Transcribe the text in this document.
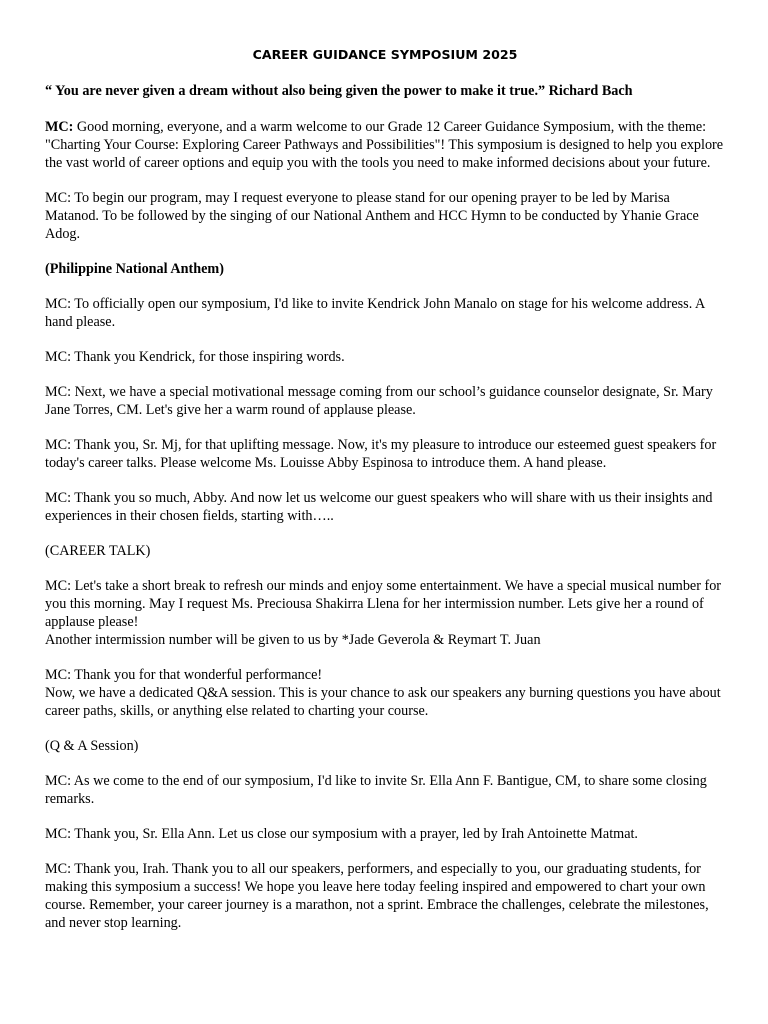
CAREER GUIDANCE SYMPOSIUM 2025
“ You are never given a dream without also being given the power to make it true.” Richard Bach

MC: Good morning, everyone, and a warm welcome to our Grade 12 Career Guidance Symposium, with the theme: "Charting Your Course: Exploring Career Pathways and Possibilities"! This symposium is designed to help you explore the vast world of career options and equip you with the tools you need to make informed decisions about your future.

MC: To begin our program, may I request everyone to please stand for our opening prayer to be led by Marisa Matanod. To be followed by the singing of our National Anthem and HCC Hymn to be conducted by Yhanie Grace Adog.

(Philippine National Anthem)

MC: To officially open our symposium, I'd like to invite Kendrick John Manalo on stage for his welcome address. A hand please.

MC: Thank you Kendrick, for those inspiring words.

MC: Next, we have a special motivational message coming from our school’s guidance counselor designate, Sr. Mary Jane Torres, CM. Let's give her a warm round of applause please.

MC: Thank you, Sr. Mj, for that uplifting message. Now, it's my pleasure to introduce our esteemed guest speakers for today's career talks. Please welcome Ms. Louisse Abby Espinosa to introduce them. A hand please.

MC: Thank you so much, Abby. And now let us welcome our guest speakers who will share with us their insights and experiences in their chosen fields, starting with…..

(CAREER TALK)

MC: Let's take a short break to refresh our minds and enjoy some entertainment. We have a special musical number for you this morning. May I request Ms. Preciousa Shakirra Llena for her intermission number. Lets give her a round of applause please!
Another intermission number will be given to us by *Jade Geverola & Reymart T. Juan

MC: Thank you for that wonderful performance!
Now, we have a dedicated Q&A session. This is your chance to ask our speakers any burning questions you have about career paths, skills, or anything else related to charting your course.

(Q & A Session)

MC: As we come to the end of our symposium, I'd like to invite Sr. Ella Ann F. Bantigue, CM, to share some closing remarks.

MC: Thank you, Sr. Ella Ann. Let us close our symposium with a prayer, led by Irah Antoinette Matmat.

MC: Thank you, Irah. Thank you to all our speakers, performers, and especially to you, our graduating students, for making this symposium a success! We hope you leave here today feeling inspired and empowered to chart your own course. Remember, your career journey is a marathon, not a sprint. Embrace the challenges, celebrate the milestones, and never stop learning.
